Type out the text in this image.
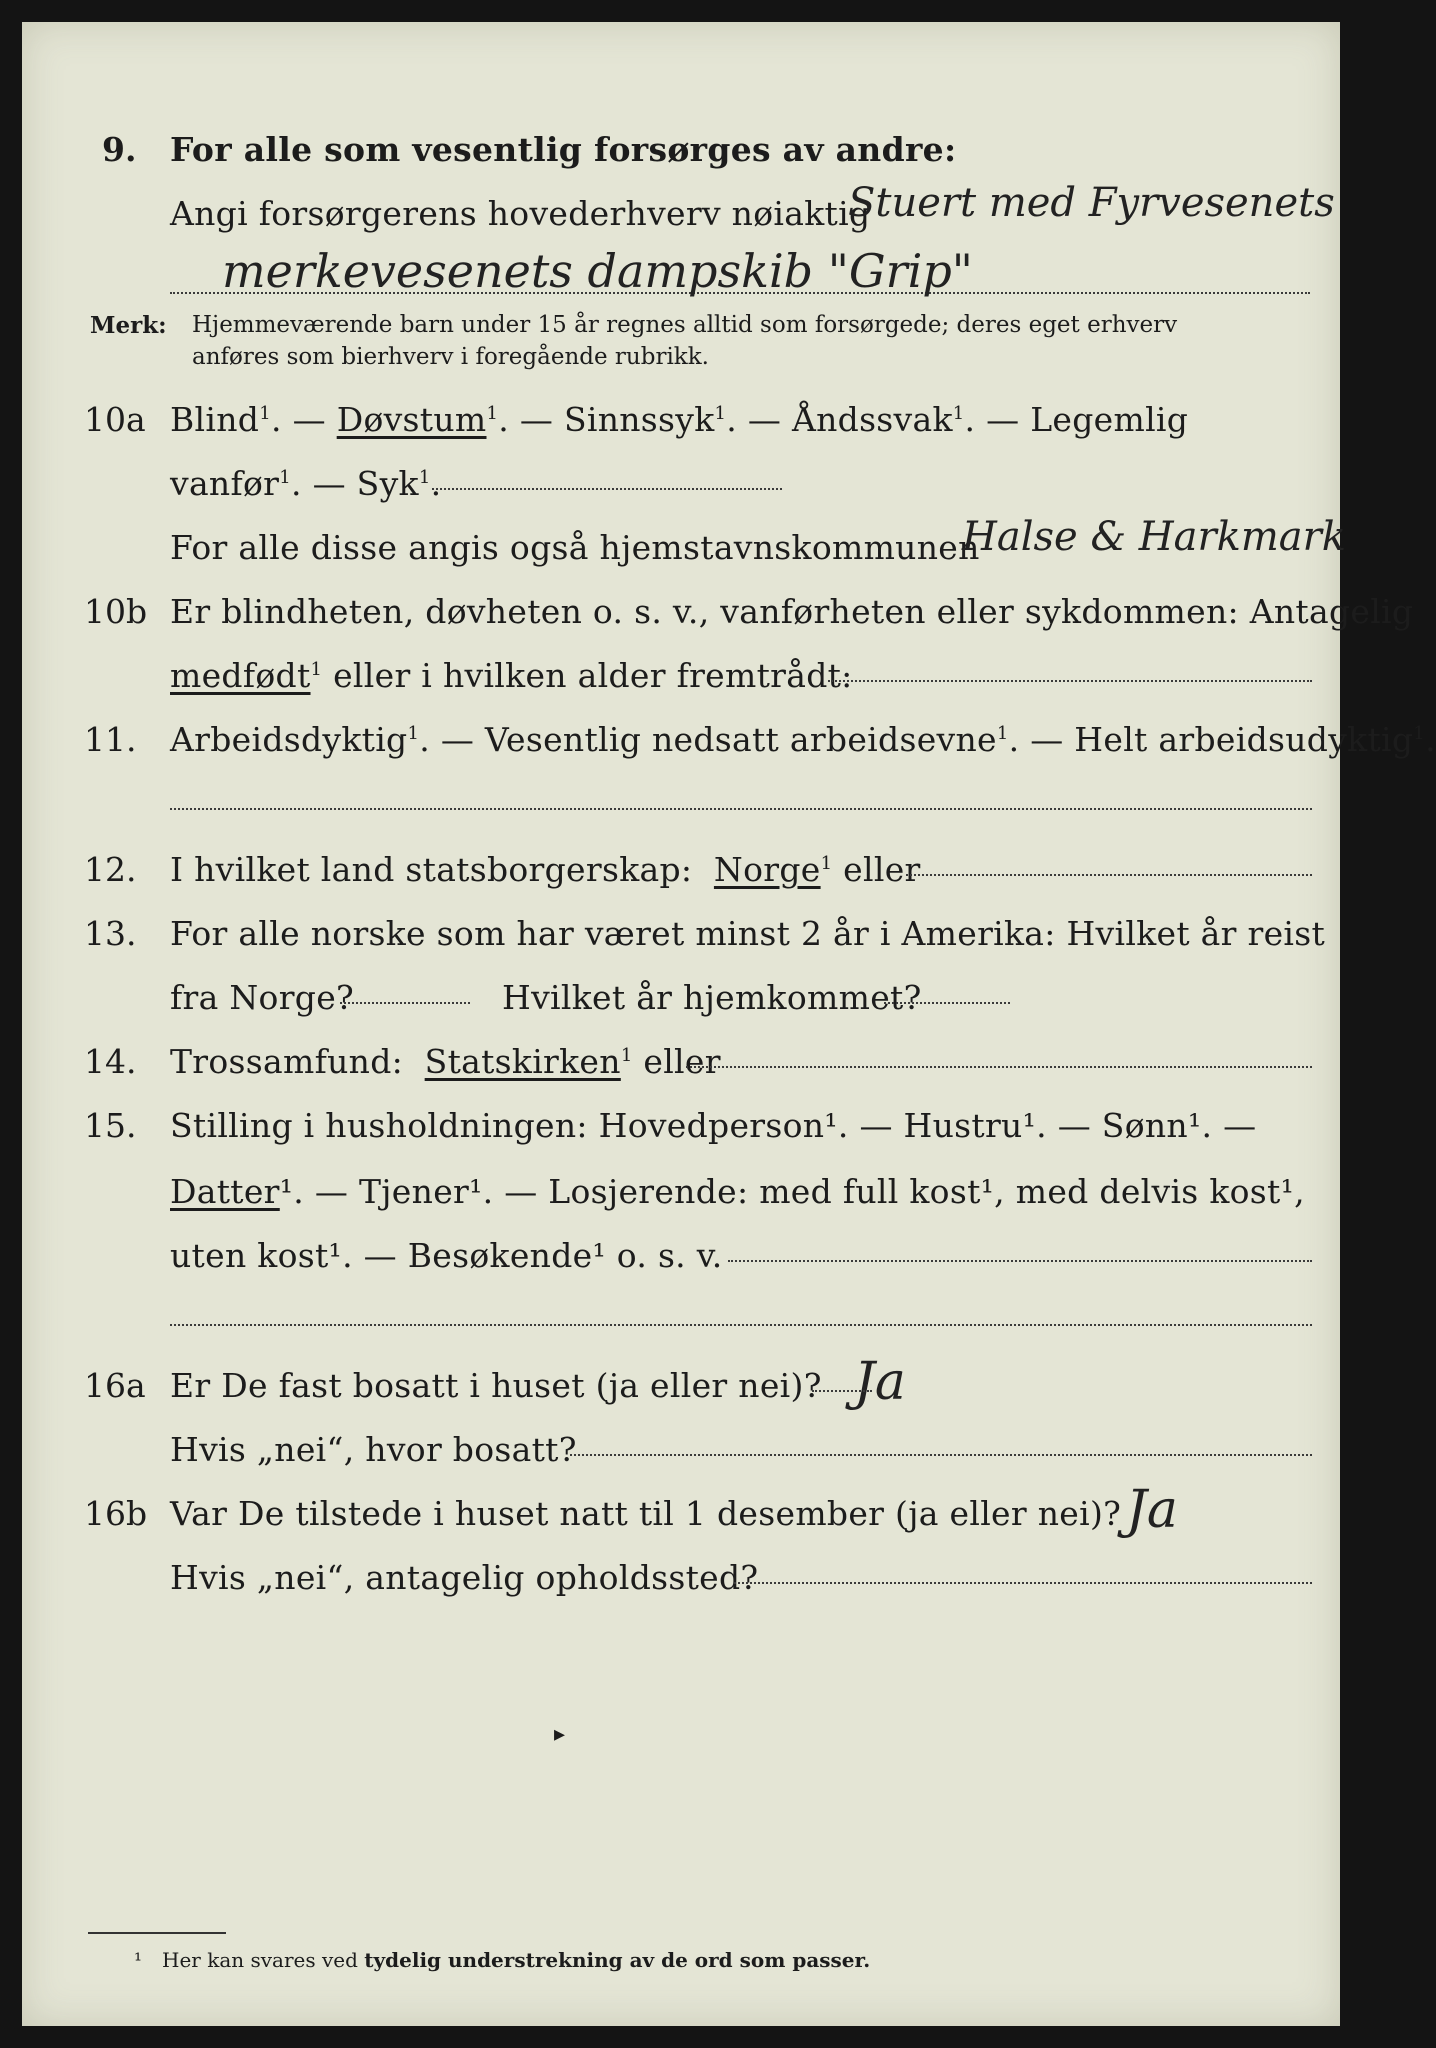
9. For alle som vesentlig forsørges av andre:
Angi forsørgerens hovederhverv nøiaktig
Stuert med Fyrvesenets
merkevesenets dampskib "Grip"
Merk: Hjemmeværende barn under 15 år regnes alltid som forsørgede; deres eget erhverv
anføres som bierhverv i foregående rubrikk.
10a Blind$^1$. — Døvstum$^1$. — Sinnssyk$^1$. — Åndssvak$^1$. — Legemlig
vanfør$^1$. — Syk$^1$.
For alle disse angis også hjemstavnskommunen
Halse & Harkmark
10b Er blindheten, døvheten o. s. v., vanførheten eller sykdommen: Antagelig
medfødt$^1$ eller i hvilken alder fremtrådt:
11. Arbeidsdyktig$^1$. — Vesentlig nedsatt arbeidsevne$^1$. — Helt arbeidsudyktig$^1$.
12. I hvilket land statsborgerskap: Norge$^1$ eller
13. For alle norske som har været minst 2 år i Amerika: Hvilket år reist
fra Norge?	Hvilket år hjemkommet?
14. Trossamfund: Statskirken$^1$ eller
15. Stilling i husholdningen: Hovedperson¹. — Hustru¹. — Sønn¹. —
Datter¹. — Tjener¹. — Losjerende: med full kost¹, med delvis kost¹,
uten kost¹. — Besøkende¹ o. s. v.
16a Er De fast bosatt i huset (ja eller nei)? Ja
Hvis „nei“, hvor bosatt?
16b Var De tilstede i huset natt til 1 desember (ja eller nei)? Ja
Hvis „nei“, antagelig opholdssted?
▸
¹ Her kan svares ved tydelig understrekning av de ord som passer.
